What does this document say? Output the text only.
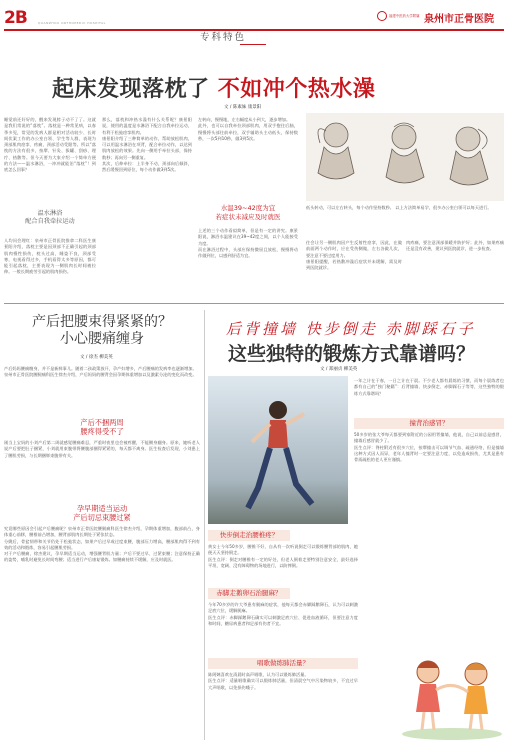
2B	QUANZHOU ORTHOPEDIC HOSPITAL
福建中医药大学附属 泉州市正骨医院
专科特色
起床发现落枕了 不如冲个热水澡
文 / 陈素妹 康景阳
睡觉前还好好的，醒来发现脖子动不了了。这就是我们常说的“落枕”。落枕是一种常见病，以春季多见，常见的发病人群是相对活动较少、长时间伏案工作的办公室白领、学生等人群，表现为颈部肌肉痉挛、疼痛，颈部活动受限等。所以“落枕的方法有很多，按摩、针灸、拔罐、刮痧、理疗、热敷等。但今天要为大家介绍一个简单方便的方法——温水淋浴，一冲冲就能治“落枕”！到底怎么回事？
温水淋浴
配合自我牵拉运动
人均问会理红：泉州市正骨医院推拿二科医生康景阳介绍，落枕主要是因颈部不正确引起的颈部肌肉慢性损伤，枕头过高，睡姿不良，颈部受寒，电视看得过多，手机看得太多等原因，都可能引起落枕，主要表现为一侧肌肉长时间被拉伸。一般长期疲劳引起的肌肉损伤。
那么，落枕和冲热水澡有什么关系呢？康景阳说，使用的温度是水淋浴下配合自我牵拉运动，有利于松弛痉挛肌肉。
康景阳介绍了三种简单的动作，帮助放松肌肉，可以用温水淋浴在项背，配合牵拉动作，以达到肌肉放松的效果。先向一侧用手牵拉头部，保持数秒；再向另一侧重复。
其次，后伸牵拉：上半身不动，颈部向后倾斜，然后缓慢回到原位，每个动作做3到5次。
左转向，慢慢地，左右幅度从小到大，逐步增加。
此外，也可以自我牵拉颈部肌肉，用双手抱住后脑，慢慢将头部往前牵拉，双手辅助头主动低头，保持数秒，一次5到10秒，做3到5次。
低头转动，可以左右转头，每个动作坚持数秒。 以上方法简单易学，很多办公室白领可以每天进行。
水温39~42度为宜
若症状未减应及时就医
上述的三个动作看似简单，但是有一定的讲究。康景阳说，淋浴水温建议在39~42度之间，以个人能接受为度。
而在淋浴过程中，头部应保持微屈且放松，慢慢将动作做到位，以感到舒适为宜。
往会让另一侧肌肉因产生反射性痉挛，因此，在做前面两个动作时，应在受伤侧做，左右各做几次，要注意不要过度用力。
康景阳提醒，若热敷冲澡后症状并未缓解，需及时到医院就诊。
肉疼痛，要注意颈部保暖并防护好；此外，如果疼痛还是没有改善，建议到医院就诊，进一步检查。
产后把腰束得紧紧的？
小心腰痛缠身
文 / 徐杰 柳美英
产后妈妈腰痛缠身，并不是新鲜事儿。随着二孩政策放开，孕产妇增多，产后腰痛的发病率也逐渐增加。
泉州市正骨医院腰腿痛科医生徐杰介绍，产后妈妈的腰背会因孕期体重增加以及激素分泌的变化而改变。
产后不捆两周
腰疼得受不了
刚当上宝妈的小刘产后第二周就感觉腰痛难忍，严重时夜里也会被疼醒，不能侧身翻身。原来，她听老人说产后要把肚子捆紧，小刘就用束腹带将腰腹部捆得紧紧的，每天都不离身。医生检查后发现，小刘患上了腰肌劳损，与长期捆绑束腹带有关。
孕早期适当运动
产后切忌束腰过紧
究竟哪些原因会引起产后腰痛呢？泉州市正骨医院腰腿痛科医生徐杰介绍，孕期体重增加，腹部前凸，身体重心前移，腰椎前凸增加，腰背部肌肉长期处于紧张状态。
分娩后，骨盆韧带和关节仍处于松弛状态，如果产后过早或过度束腰，腹部压力增高，腰部肌肉得不到有效的活动和锻炼，容易引起腰肌劳损。
对于产后腰痛，徐杰建议，孕早期适当运动，增强腰背肌力量；产后不要过早、过紧束腰；注意保持正确的姿势，哺乳时避免长时间弯腰；适当进行产后康复锻炼。如腰痛持续不缓解，应及时就医。
后背撞墙 快步倒走 赤脚踩石子
这些独特的锻炼方式靠谱吗？
文 / 郑丽贞 柳美英
一年之计在于春，一日之计在于晨。不少老人都有晨练的习惯，而每个晨练者也都有自己的“独门秘籍”：后背撞墙、快步倒走、赤脚踩石子等等，这些独特的锻炼方式靠谱吗？
撞背治感冒？
50多岁的张大爷每天都要到家附近的公园用背撞墙，他说，自己以前总是感冒，撞墙后感冒就少了。
医生点评：脊柱附近有很多穴位，按摩撞击可以调节气血、疏通经络，但是撞墙这种方式因人而异，老年人撞背时一定要注意力度，以免造成损伤，尤其是患有骨质疏松的老人更应谨慎。
快步倒走治腰椎疼？
黄女士今年50多岁，腰椎不好，自从有一次听说倒走可以锻炼腰背部的肌肉，她便天天坚持倒走。
医生点评：倒走对腰椎有一定的好处，但老人倒着走要特别注意安全，最好选择平坦、宽阔、没有障碍物的场地进行，以防摔倒。
赤脚走鹅卵石治腿麻？
今年70多岁的许大爷患有腿麻的症状，他每天都会赤脚踩鹅卵石，认为可以刺激足底穴位，缓解腿麻。
医生点评：赤脚踩鹅卵石确实可以刺激足底穴位、促进血液循环，但要注意力度和时间，糖尿病患者和足部有伤者不宜。
唱歌做练肺活量？
陈阿姨喜欢在清晨时高声唱歌，认为可以锻炼肺活量。
医生点评：适量唱歌确实可以锻炼肺活量，但清晨空气中污染物较多，不宜过早大声唱歌，以免损伤嗓子。
